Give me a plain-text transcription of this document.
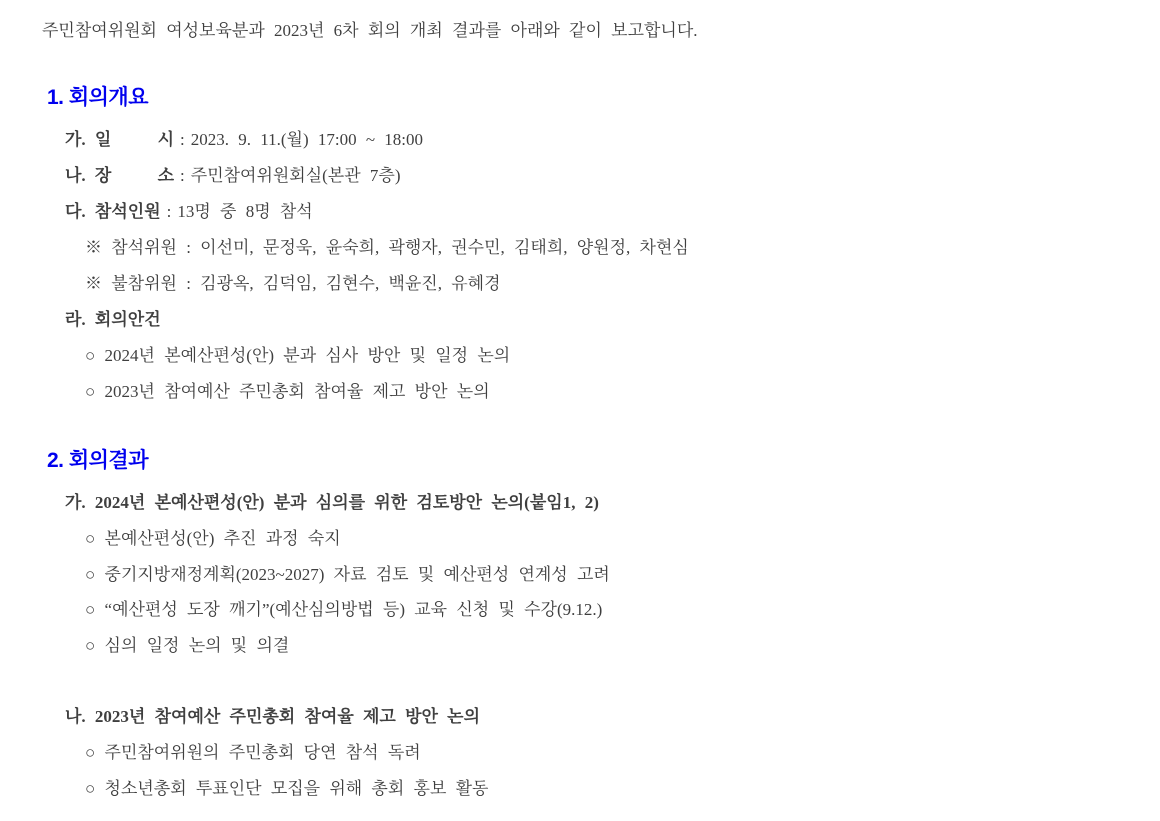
주민참여위원회 여성보육분과 2023년 6차 회의 개최 결과를 아래와 같이 보고합니다.

1. 회의개요

가. 일     시 : 2023. 9. 11.(월) 17:00 ~ 18:00

나. 장     소 : 주민참여위원회실(본관 7층)

다. 참석인원 : 13명 중 8명 참석

※ 참석위원 : 이선미, 문정욱, 윤숙희, 곽행자, 권수민, 김태희, 양원정, 차현심

※ 불참위원 : 김광옥, 김덕임, 김현수, 백윤진, 유혜경

라. 회의안건

○ 2024년 본예산편성(안) 분과 심사 방안 및 일정 논의

○ 2023년 참여예산 주민총회 참여율 제고 방안 논의

2. 회의결과

가. 2024년 본예산편성(안) 분과 심의를 위한 검토방안 논의(붙임1, 2)

○ 본예산편성(안) 추진 과정 숙지

○ 중기지방재정계획(2023~2027) 자료 검토 및 예산편성 연계성 고려

○ “예산편성 도장 깨기”(예산심의방법 등) 교육 신청 및 수강(9.12.)

○ 심의 일정 논의 및 의결

나. 2023년 참여예산 주민총회 참여율 제고 방안 논의

○ 주민참여위원의 주민총회 당연 참석 독려

○ 청소년총회 투표인단 모집을 위해 총회 홍보 활동
